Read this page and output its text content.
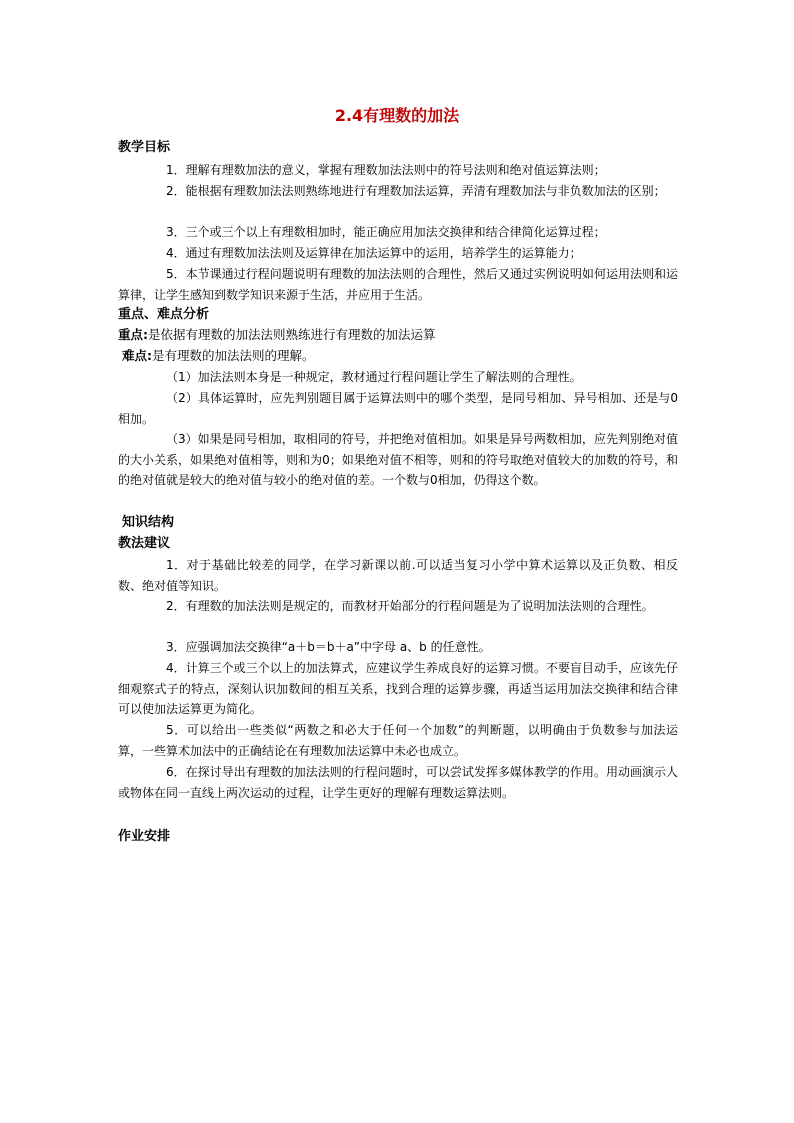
2.4有理数的加法
教学目标
1．理解有理数加法的意义，掌握有理数加法法则中的符号法则和绝对值运算法则；
2．能根据有理数加法法则熟练地进行有理数加法运算，弄清有理数加法与非负数加法的区别；
3．三个或三个以上有理数相加时，能正确应用加法交换律和结合律简化运算过程；
4．通过有理数加法法则及运算律在加法运算中的运用，培养学生的运算能力；
5．本节课通过行程问题说明有理数的加法法则的合理性，然后又通过实例说明如何运用法则和运算律，让学生感知到数学知识来源于生活，并应用于生活。
重点、难点分析
重点:是依据有理数的加法法则熟练进行有理数的加法运算
难点:是有理数的加法法则的理解。
（1）加法法则本身是一种规定，教材通过行程问题让学生了解法则的合理性。
（2）具体运算时，应先判别题目属于运算法则中的哪个类型，是同号相加、异号相加、还是与0相加。
（3）如果是同号相加，取相同的符号，并把绝对值相加。如果是异号两数相加，应先判别绝对值的大小关系，如果绝对值相等，则和为0；如果绝对值不相等，则和的符号取绝对值较大的加数的符号，和的绝对值就是较大的绝对值与较小的绝对值的差。一个数与0相加，仍得这个数。
知识结构
教法建议
1．对于基础比较差的同学，在学习新课以前.可以适当复习小学中算术运算以及正负数、相反数、绝对值等知识。
2．有理数的加法法则是规定的，而教材开始部分的行程问题是为了说明加法法则的合理性。
3．应强调加法交换律“a＋b＝b＋a”中字母 a、b 的任意性。
4．计算三个或三个以上的加法算式，应建议学生养成良好的运算习惯。不要盲目动手，应该先仔细观察式子的特点，深刻认识加数间的相互关系，找到合理的运算步骤，再适当运用加法交换律和结合律可以使加法运算更为简化。
5．可以给出一些类似“两数之和必大于任何一个加数”的判断题，以明确由于负数参与加法运算，一些算术加法中的正确结论在有理数加法运算中未必也成立。
6．在探讨导出有理数的加法法则的行程问题时，可以尝试发挥多媒体教学的作用。用动画演示人或物体在同一直线上两次运动的过程，让学生更好的理解有理数运算法则。
作业安排
